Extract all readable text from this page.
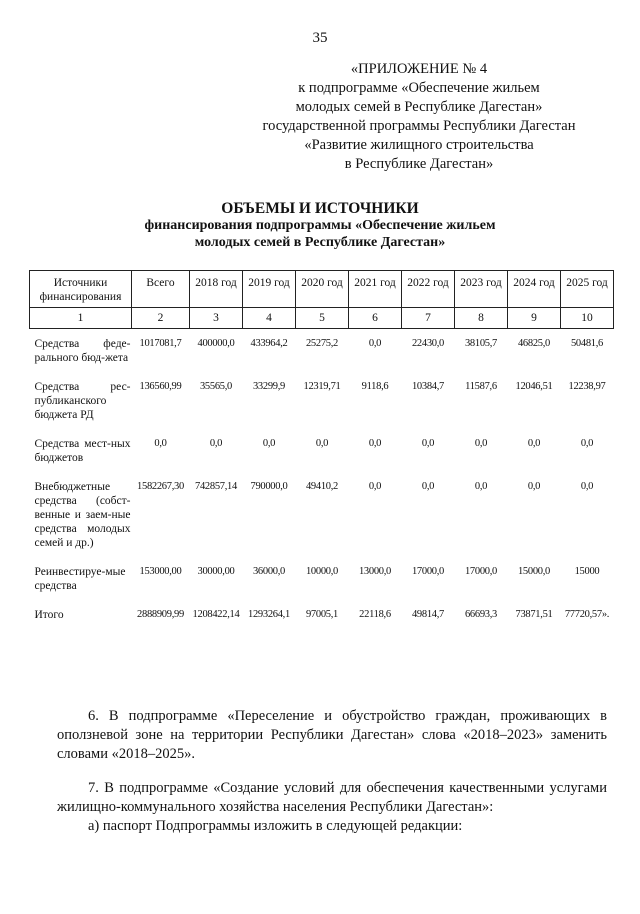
35
«ПРИЛОЖЕНИЕ № 4
к подпрограмме «Обеспечение жильем
молодых семей в Республике Дагестан»
государственной программы Республики Дагестан
«Развитие жилищного строительства
в Республике Дагестан»
ОБЪЕМЫ И ИСТОЧНИКИ
финансирования подпрограммы «Обеспечение жильем
молодых семей в Республике Дагестан»
Источники финансирования	Всего	2018 год	2019 год	2020 год	2021 год	2022 год	2023 год	2024 год	2025 год
1	2	3	4	5	6	7	8	9	10
Средства феде-рального бюд-жета	1017081,7	400000,0	433964,2	25275,2	0,0	22430,0	38105,7	46825,0	50481,6

Средства рес-публиканского бюджета РД	136560,99	35565,0	33299,9	12319,71	9118,6	10384,7	11587,6	12046,51	12238,97

Средства мест-ных бюджетов	0,0	0,0	0,0	0,0	0,0	0,0	0,0	0,0	0,0

Внебюджетные средства (собст-венные и заем-ные средства молодых семей и др.)	1582267,30	742857,14	790000,0	49410,2	0,0	0,0	0,0	0,0	0,0

Реинвестируе-мые средства	153000,00	30000,00	36000,0	10000,0	13000,0	17000,0	17000,0	15000,0	15000

Итого	2888909,99	1208422,14	1293264,1	97005,1	22118,6	49814,7	66693,3	73871,51	77720,57».

6. В подпрограмме «Переселение и обустройство граждан, проживающих в оползневой зоне на территории Республики Дагестан» слова «2018–2023» заменить словами «2018–2025».

7. В подпрограмме «Создание условий для обеспечения качественными услугами жилищно-коммунального хозяйства населения Республики Дагестан»:

а) паспорт Подпрограммы изложить в следующей редакции:
